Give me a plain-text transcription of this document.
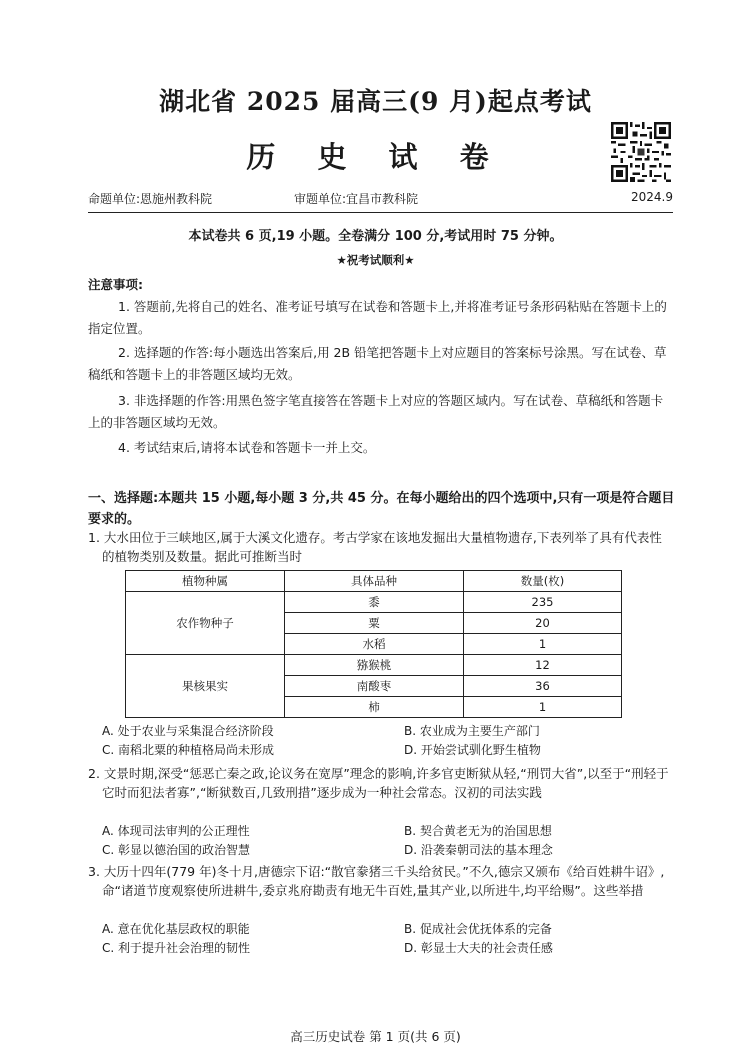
湖北省 2025 届高三(9 月)起点考试
历 史 试 卷
命题单位:恩施州教科院	审题单位:宜昌市教科院	2024.9
本试卷共 6 页,19 小题。全卷满分 100 分,考试用时 75 分钟。
★祝考试顺利★
注意事项:
1. 答题前,先将自己的姓名、准考证号填写在试卷和答题卡上,并将准考证号条形码粘贴在答题卡上的指定位置。
2. 选择题的作答:每小题选出答案后,用 2B 铅笔把答题卡上对应题目的答案标号涂黑。写在试卷、草稿纸和答题卡上的非答题区域均无效。
3. 非选择题的作答:用黑色签字笔直接答在答题卡上对应的答题区域内。写在试卷、草稿纸和答题卡上的非答题区域均无效。
4. 考试结束后,请将本试卷和答题卡一并上交。
一、选择题:本题共 15 小题,每小题 3 分,共 45 分。在每小题给出的四个选项中,只有一项是符合题目要求的。
1. 大水田位于三峡地区,属于大溪文化遗存。考古学家在该地发掘出大量植物遗存,下表列举了具有代表性的植物类别及数量。据此可推断当时
植物种属	具体品种	数量(枚)
农作物种子	黍	235
	粟	20
	水稻	1
果核果实	猕猴桃	12
	南酸枣	36
	柿	1
A. 处于农业与采集混合经济阶段	B. 农业成为主要生产部门
C. 南稻北粟的种植格局尚未形成	D. 开始尝试驯化野生植物
2. 文景时期,深受“惩恶亡秦之政,论议务在宽厚”理念的影响,许多官吏断狱从轻,“刑罚大省”,以至于“刑轻于它时而犯法者寡”,“断狱数百,几致刑措”逐步成为一种社会常态。汉初的司法实践
A. 体现司法审判的公正理性	B. 契合黄老无为的治国思想
C. 彰显以德治国的政治智慧	D. 沿袭秦朝司法的基本理念
3. 大历十四年(779 年)冬十月,唐德宗下诏:“散官豢猪三千头给贫民。”不久,德宗又颁布《给百姓耕牛诏》,命“诸道节度观察使所进耕牛,委京兆府勘责有地无牛百姓,量其产业,以所进牛,均平给赐”。这些举措
A. 意在优化基层政权的职能	B. 促成社会优抚体系的完备
C. 利于提升社会治理的韧性	D. 彰显士大夫的社会责任感
高三历史试卷 第 1 页(共 6 页)
